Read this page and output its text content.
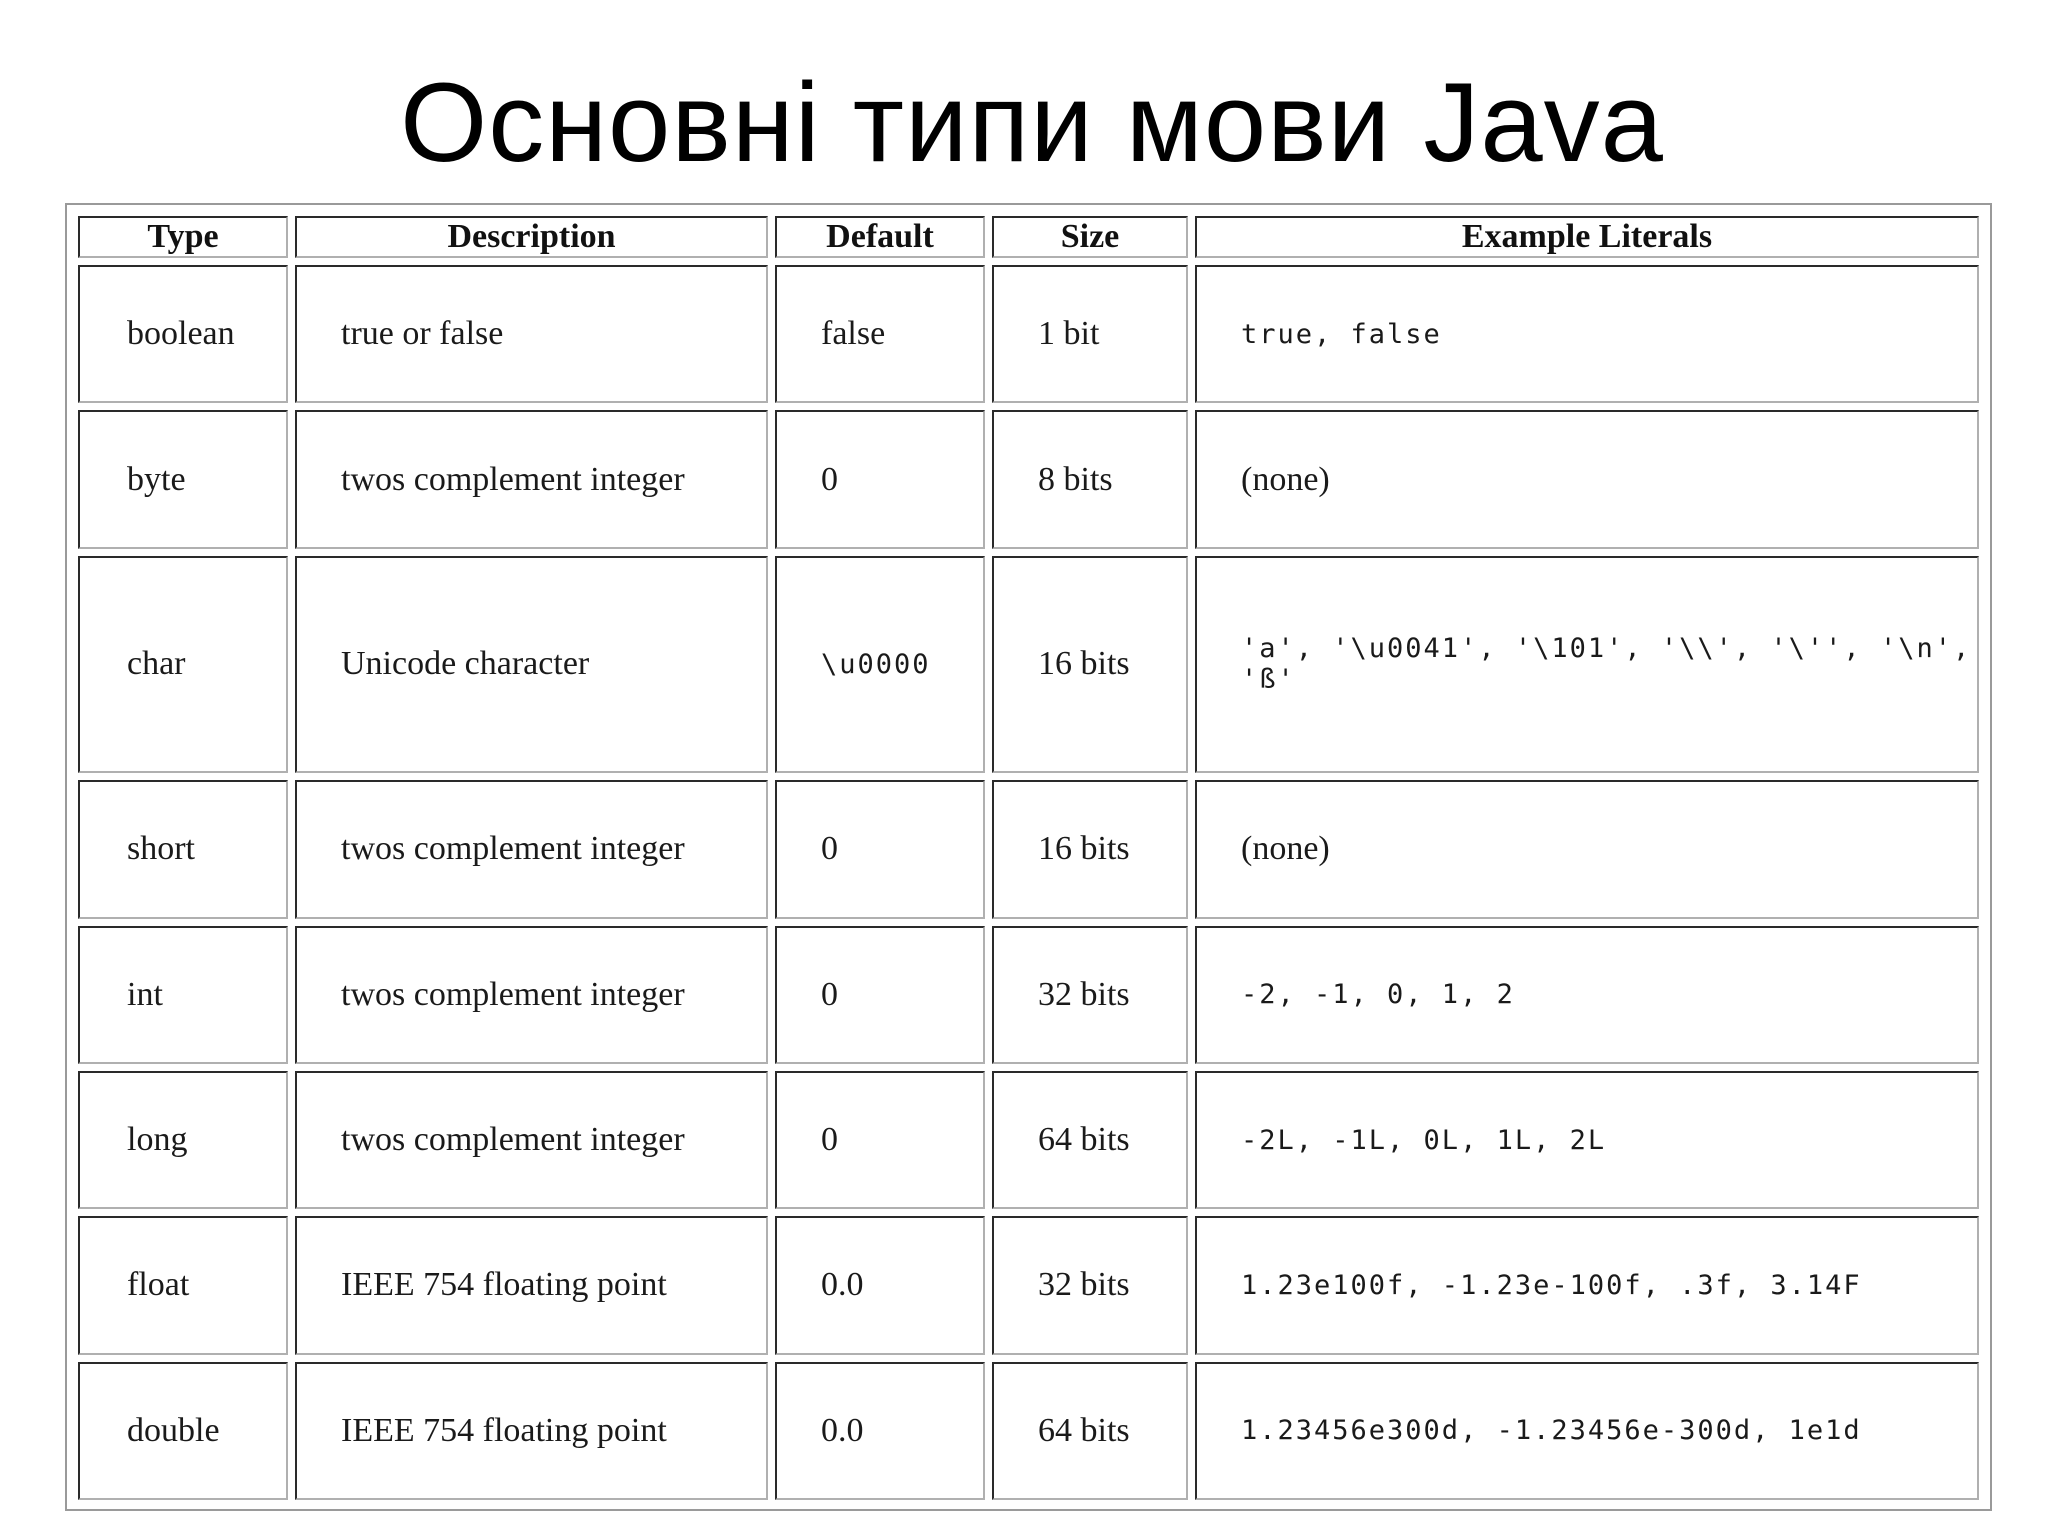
Основні типи мови Java
Type	Description	Default	Size	Example Literals
boolean	true or false	false	1 bit	true, false
byte	twos complement integer	0	8 bits	(none)
char	Unicode character	\u0000	16 bits	'a', '\u0041', '\101', '\\', '\'', '\n', 'ß'
short	twos complement integer	0	16 bits	(none)
int	twos complement integer	0	32 bits	-2, -1, 0, 1, 2
long	twos complement integer	0	64 bits	-2L, -1L, 0L, 1L, 2L
float	IEEE 754 floating point	0.0	32 bits	1.23e100f, -1.23e-100f, .3f, 3.14F
double	IEEE 754 floating point	0.0	64 bits	1.23456e300d, -1.23456e-300d, 1e1d
